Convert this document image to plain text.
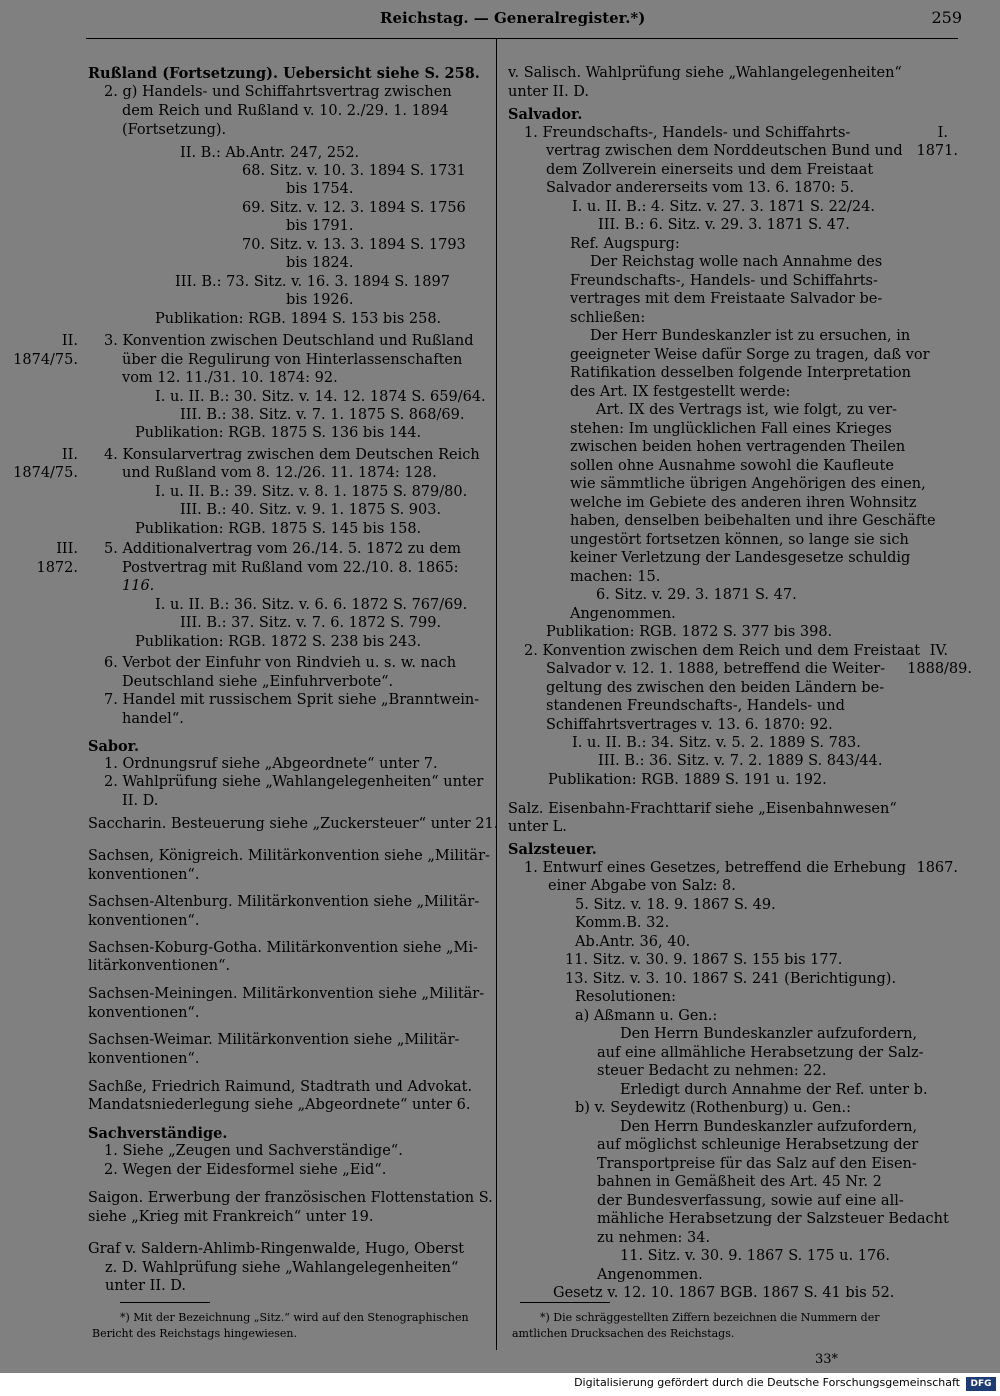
Reichstag. — Generalregister.*)	259
Rußland (Fortsetzung). Uebersicht siehe S. 258.
2. g) Handels- und Schiffahrtsvertrag zwischen
dem Reich und Rußland v. 10. 2./29. 1. 1894
(Fortsetzung).
II. B.: Ab.Antr. 247, 252.
68. Sitz. v. 10. 3. 1894 S. 1731
bis 1754.
69. Sitz. v. 12. 3. 1894 S. 1756
bis 1791.
70. Sitz. v. 13. 3. 1894 S. 1793
bis 1824.
III. B.: 73. Sitz. v. 16. 3. 1894 S. 1897
bis 1926.
Publikation: RGB. 1894 S. 153 bis 258.
3. Konvention zwischen Deutschland und Rußland
über die Regulirung von Hinterlassenschaften
vom 12. 11./31. 10. 1874: 92.
I. u. II. B.: 30. Sitz. v. 14. 12. 1874 S. 659/64.
III. B.: 38. Sitz. v. 7. 1. 1875 S. 868/69.
Publikation: RGB. 1875 S. 136 bis 144.
4. Konsularvertrag zwischen dem Deutschen Reich
und Rußland vom 8. 12./26. 11. 1874: 128.
I. u. II. B.: 39. Sitz. v. 8. 1. 1875 S. 879/80.
III. B.: 40. Sitz. v. 9. 1. 1875 S. 903.
Publikation: RGB. 1875 S. 145 bis 158.
5. Additionalvertrag vom 26./14. 5. 1872 zu dem
Postvertrag mit Rußland vom 22./10. 8. 1865:
116.
I. u. II. B.: 36. Sitz. v. 6. 6. 1872 S. 767/69.
III. B.: 37. Sitz. v. 7. 6. 1872 S. 799.
Publikation: RGB. 1872 S. 238 bis 243.
6. Verbot der Einfuhr von Rindvieh u. s. w. nach
Deutschland siehe „Einfuhrverbote“.
7. Handel mit russischem Sprit siehe „Branntwein-
handel“.
Sabor.
1. Ordnungsruf siehe „Abgeordnete“ unter 7.
2. Wahlprüfung siehe „Wahlangelegenheiten“ unter
II. D.
Saccharin. Besteuerung siehe „Zuckersteuer“ unter 21.
Sachsen, Königreich. Militärkonvention siehe „Militär-
konventionen“.
Sachsen-Altenburg. Militärkonvention siehe „Militär-
konventionen“.
Sachsen-Koburg-Gotha. Militärkonvention siehe „Mi-
litärkonventionen“.
Sachsen-Meiningen. Militärkonvention siehe „Militär-
konventionen“.
Sachsen-Weimar. Militärkonvention siehe „Militär-
konventionen“.
Sachße, Friedrich Raimund, Stadtrath und Advokat.
Mandatsniederlegung siehe „Abgeordnete“ unter 6.
Sachverständige.
1. Siehe „Zeugen und Sachverständige“.
2. Wegen der Eidesformel siehe „Eid“.
Saigon. Erwerbung der französischen Flottenstation S.
siehe „Krieg mit Frankreich“ unter 19.
Graf v. Saldern-Ahlimb-Ringenwalde, Hugo, Oberst
z. D. Wahlprüfung siehe „Wahlangelegenheiten“
unter II. D.
II.
1874/75.
II.
1874/75.
III.
1872.
v. Salisch. Wahlprüfung siehe „Wahlangelegenheiten“
unter II. D.
Salvador.
1. Freundschafts-, Handels- und Schiffahrts-
vertrag zwischen dem Norddeutschen Bund und
dem Zollverein einerseits und dem Freistaat
Salvador andererseits vom 13. 6. 1870: 5.
I. u. II. B.: 4. Sitz. v. 27. 3. 1871 S. 22/24.
III. B.: 6. Sitz. v. 29. 3. 1871 S. 47.
Ref. Augspurg:
Der Reichstag wolle nach Annahme des
Freundschafts-, Handels- und Schiffahrts-
vertrages mit dem Freistaate Salvador be-
schließen:
Der Herr Bundeskanzler ist zu ersuchen, in
geeigneter Weise dafür Sorge zu tragen, daß vor
Ratifikation desselben folgende Interpretation
des Art. IX festgestellt werde:
Art. IX des Vertrags ist, wie folgt, zu ver-
stehen: Im unglücklichen Fall eines Krieges
zwischen beiden hohen vertragenden Theilen
sollen ohne Ausnahme sowohl die Kaufleute
wie sämmtliche übrigen Angehörigen des einen,
welche im Gebiete des anderen ihren Wohnsitz
haben, denselben beibehalten und ihre Geschäfte
ungestört fortsetzen können, so lange sie sich
keiner Verletzung der Landesgesetze schuldig
machen: 15.
6. Sitz. v. 29. 3. 1871 S. 47.
Angenommen.
Publikation: RGB. 1872 S. 377 bis 398.
2. Konvention zwischen dem Reich und dem Freistaat
Salvador v. 12. 1. 1888, betreffend die Weiter-
geltung des zwischen den beiden Ländern be-
standenen Freundschafts-, Handels- und
Schiffahrtsvertrages v. 13. 6. 1870: 92.
I. u. II. B.: 34. Sitz. v. 5. 2. 1889 S. 783.
III. B.: 36. Sitz. v. 7. 2. 1889 S. 843/44.
Publikation: RGB. 1889 S. 191 u. 192.
Salz. Eisenbahn-Frachttarif siehe „Eisenbahnwesen“
unter L.
Salzsteuer.
1. Entwurf eines Gesetzes, betreffend die Erhebung
einer Abgabe von Salz: 8.
5. Sitz. v. 18. 9. 1867 S. 49.
Komm.B. 32.
Ab.Antr. 36, 40.
11. Sitz. v. 30. 9. 1867 S. 155 bis 177.
13. Sitz. v. 3. 10. 1867 S. 241 (Berichtigung).
Resolutionen:
a) Aßmann u. Gen.:
Den Herrn Bundeskanzler aufzufordern,
auf eine allmähliche Herabsetzung der Salz-
steuer Bedacht zu nehmen: 22.
Erledigt durch Annahme der Ref. unter b.
b) v. Seydewitz (Rothenburg) u. Gen.:
Den Herrn Bundeskanzler aufzufordern,
auf möglichst schleunige Herabsetzung der
Transportpreise für das Salz auf den Eisen-
bahnen in Gemäßheit des Art. 45 Nr. 2
der Bundesverfassung, sowie auf eine all-
mähliche Herabsetzung der Salzsteuer Bedacht
zu nehmen: 34.
11. Sitz. v. 30. 9. 1867 S. 175 u. 176.
Angenommen.
Gesetz v. 12. 10. 1867 BGB. 1867 S. 41 bis 52.
I.
1871.
IV.
1888/89.
1867.
*) Mit der Bezeichnung „Sitz.“ wird auf den Stenographischen
Bericht des Reichstags hingewiesen.
*) Die schräggestellten Ziffern bezeichnen die Nummern der
amtlichen Drucksachen des Reichstags.
33*
Digitalisierung gefördert durch die Deutsche Forschungsgemeinschaft	DFG
